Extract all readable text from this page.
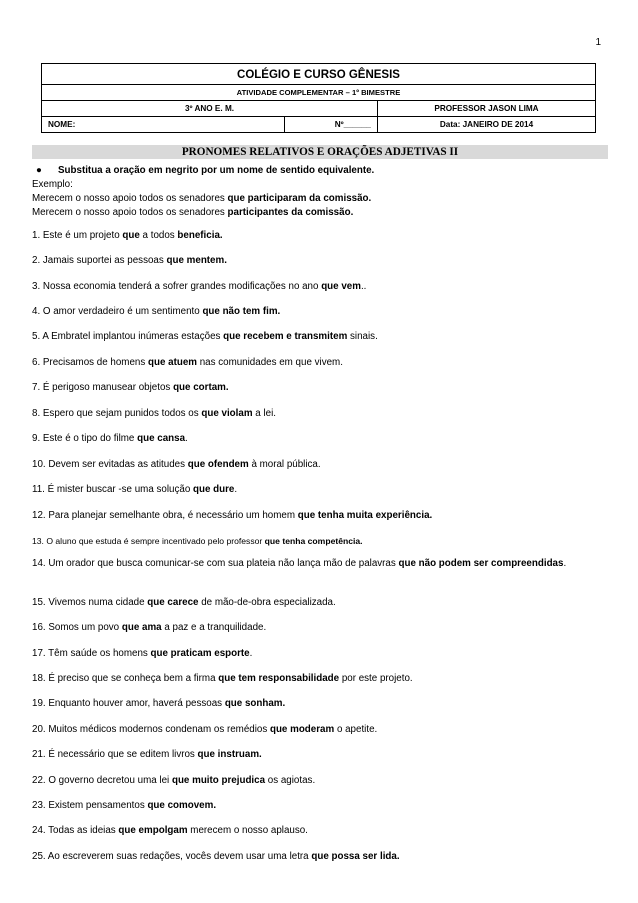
1
COLÉGIO E CURSO GÊNESIS		
ATIVIDADE COMPLEMENTAR – 1º BIMESTRE		
3º ANO E. M.		PROFESSOR JASON LIMA
NOME:	Nº______	Data: JANEIRO DE 2014
PRONOMES RELATIVOS E ORAÇÕES ADJETIVAS II
● Substitua a oração em negrito por um nome de sentido equivalente.
Exemplo:
Merecem o nosso apoio todos os senadores que participaram da comissão.
Merecem o nosso apoio todos os senadores participantes da comissão.
1. Este é um projeto que a todos beneficia.
2. Jamais suportei as pessoas que mentem.
3. Nossa economia tenderá a sofrer grandes modificações no ano que vem..
4. O amor verdadeiro é um sentimento que não tem fim.
5. A Embratel implantou inúmeras estações que recebem e transmitem sinais.
6. Precisamos de homens que atuem nas comunidades em que vivem.
7. É perigoso manusear objetos que cortam.
8. Espero que sejam punidos todos os que violam a lei.
9. Este é o tipo do filme que cansa.
10. Devem ser evitadas as atitudes que ofendem à moral pública.
11. É mister buscar -se uma solução que dure.
12. Para planejar semelhante obra, é necessário um homem que tenha muita experiência.
13. O aluno que estuda é sempre incentivado pelo professor que tenha competência.
14. Um orador que busca comunicar-se com sua plateia não lança mão de palavras que não podem ser compreendidas.
15. Vivemos numa cidade que carece de mão-de-obra especializada.
16. Somos um povo que ama a paz e a tranquilidade.
17. Têm saúde os homens que praticam esporte.
18. É preciso que se conheça bem a firma que tem responsabilidade por este projeto.
19. Enquanto houver amor, haverá pessoas que sonham.
20. Muitos médicos modernos condenam os remédios que moderam o apetite.
21. É necessário que se editem livros que instruam.
22. O governo decretou uma lei que muito prejudica os agiotas.
23. Existem pensamentos que comovem.
24. Todas as ideias que empolgam merecem o nosso aplauso.
25. Ao escreverem suas redações, vocês devem usar uma letra que possa ser lida.
